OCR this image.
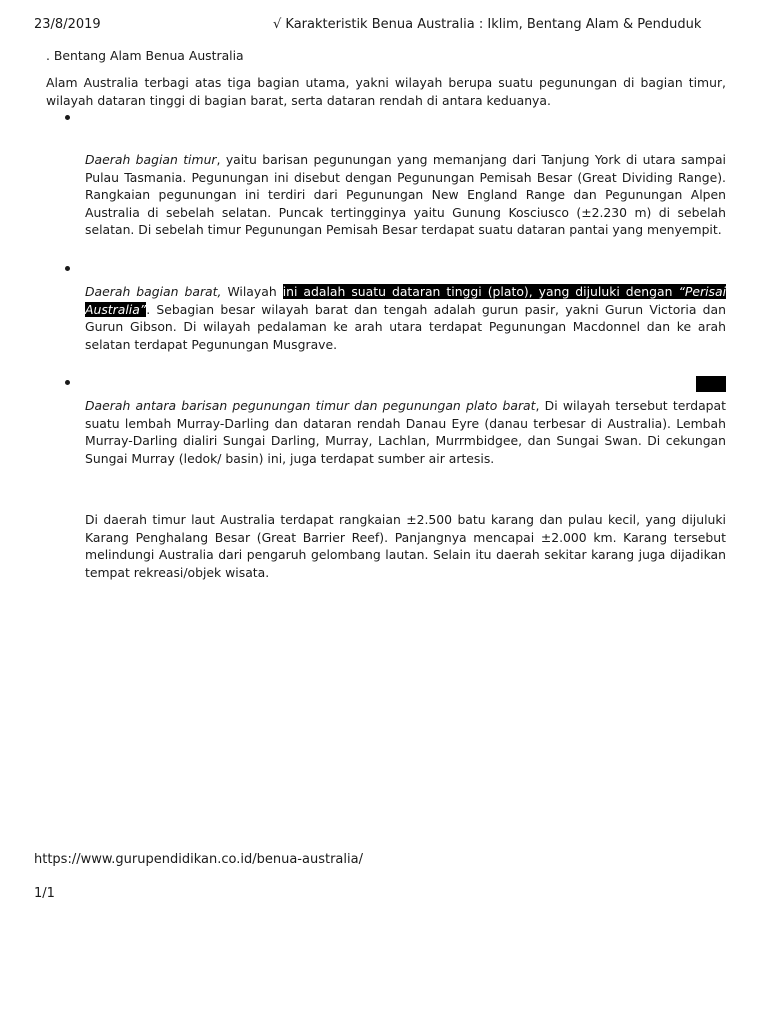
23/8/2019	√ Karakteristik Benua Australia : Iklim, Bentang Alam & Penduduk
. Bentang Alam Benua Australia
Alam Australia terbagi atas tiga bagian utama, yakni wilayah berupa suatu pegunungan di bagian timur, wilayah dataran tinggi di bagian barat, serta dataran rendah di antara keduanya.
Daerah bagian timur, yaitu barisan pegunungan yang memanjang dari Tanjung York di utara sampai Pulau Tasmania. Pegunungan ini disebut dengan Pegunungan Pemisah Besar (Great Dividing Range). Rangkaian pegunungan ini terdiri dari Pegunungan New England Range dan Pegunungan Alpen Australia di sebelah selatan. Puncak tertingginya yaitu Gunung Kosciusco (±2.230 m) di sebelah selatan. Di sebelah timur Pegunungan Pemisah Besar terdapat suatu dataran pantai yang menyempit.
Daerah bagian barat, Wilayah ini adalah suatu dataran tinggi (plato), yang dijuluki dengan “Perisai Australia”. Sebagian besar wilayah barat dan tengah adalah gurun pasir, yakni Gurun Victoria dan Gurun Gibson. Di wilayah pedalaman ke arah utara terdapat Pegunungan Macdonnel dan ke arah selatan terdapat Pegunungan Musgrave.
Daerah antara barisan pegunungan timur dan pegunungan plato barat, Di wilayah tersebut terdapat suatu lembah Murray-Darling dan dataran rendah Danau Eyre (danau terbesar di Australia). Lembah Murray-Darling dialiri Sungai Darling, Murray, Lachlan, Murrmbidgee, dan Sungai Swan. Di cekungan Sungai Murray (ledok/ basin) ini, juga terdapat sumber air artesis.
Di daerah timur laut Australia terdapat rangkaian ±2.500 batu karang dan pulau kecil, yang dijuluki Karang Penghalang Besar (Great Barrier Reef). Panjangnya mencapai ±2.000 km. Karang tersebut melindungi Australia dari pengaruh gelombang lautan. Selain itu daerah sekitar karang juga dijadikan tempat rekreasi/objek wisata.
https://www.gurupendidikan.co.id/benua-australia/
1/1
